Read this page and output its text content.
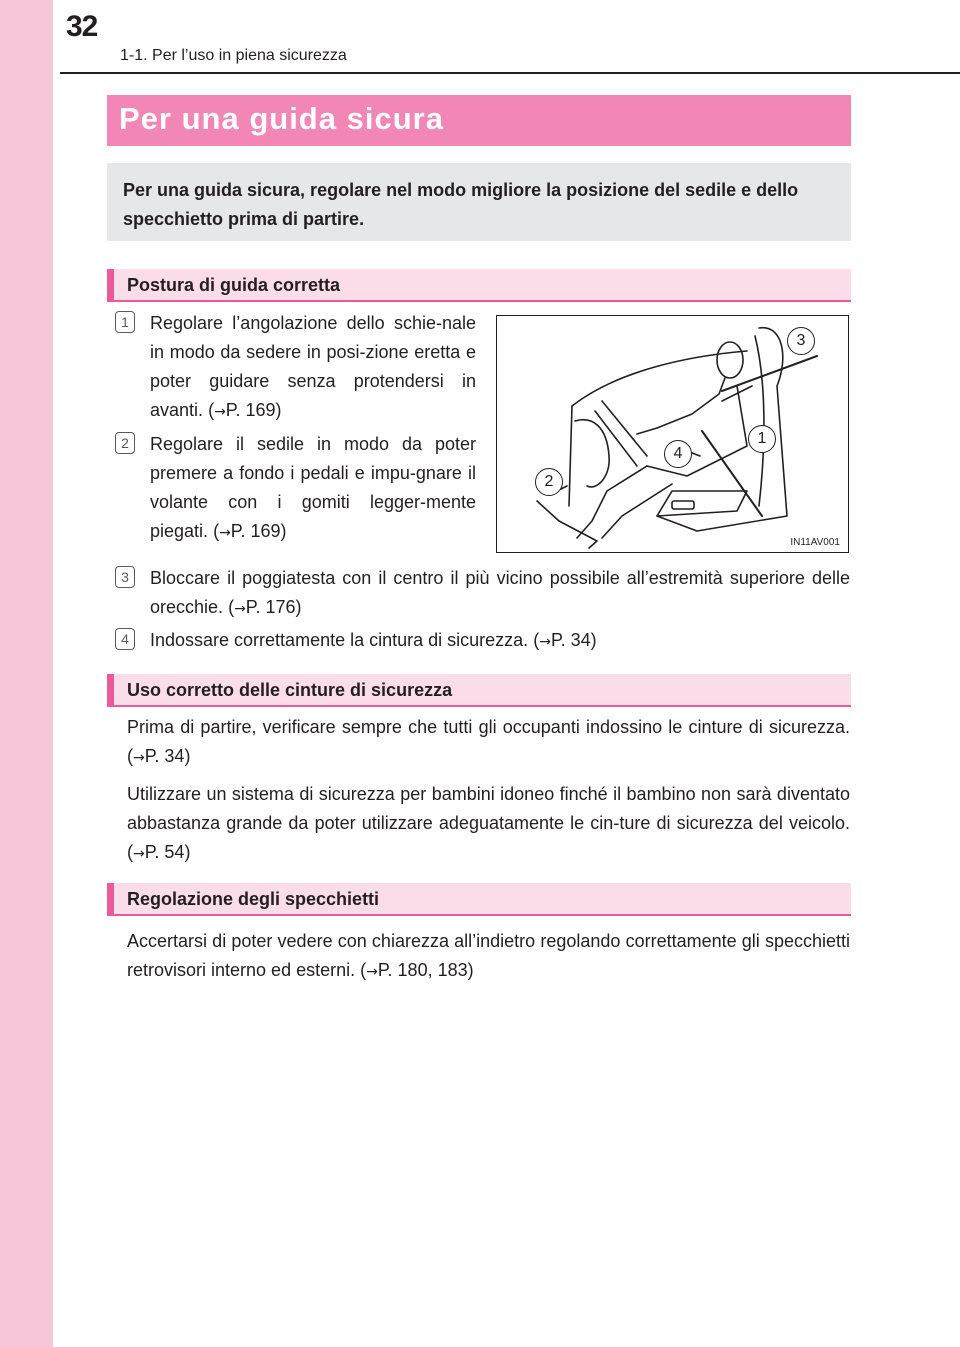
32
1-1. Per l’uso in piena sicurezza
Per una guida sicura
Per una guida sicura, regolare nel modo migliore la posizione del sedile e dello specchietto prima di partire.
Postura di guida corretta
1	Regolare l’angolazione dello schie-nale in modo da sedere in posi-zione eretta e poter guidare senza protendersi in avanti. (→P. 169)
2	Regolare il sedile in modo da poter premere a fondo i pedali e impu-gnare il volante con i gomiti legger-mente piegati. (→P. 169)
3
1
4
2
IN11AV001
3	Bloccare il poggiatesta con il centro il più vicino possibile all’estremità superiore delle orecchie. (→P. 176)
4	Indossare correttamente la cintura di sicurezza. (→P. 34)
Uso corretto delle cinture di sicurezza
Prima di partire, verificare sempre che tutti gli occupanti indossino le cinture di sicurezza. (→P. 34)
Utilizzare un sistema di sicurezza per bambini idoneo finché il bambino non sarà diventato abbastanza grande da poter utilizzare adeguatamente le cin-ture di sicurezza del veicolo. (→P. 54)
Regolazione degli specchietti
Accertarsi di poter vedere con chiarezza all’indietro regolando correttamente gli specchietti retrovisori interno ed esterni. (→P. 180, 183)
